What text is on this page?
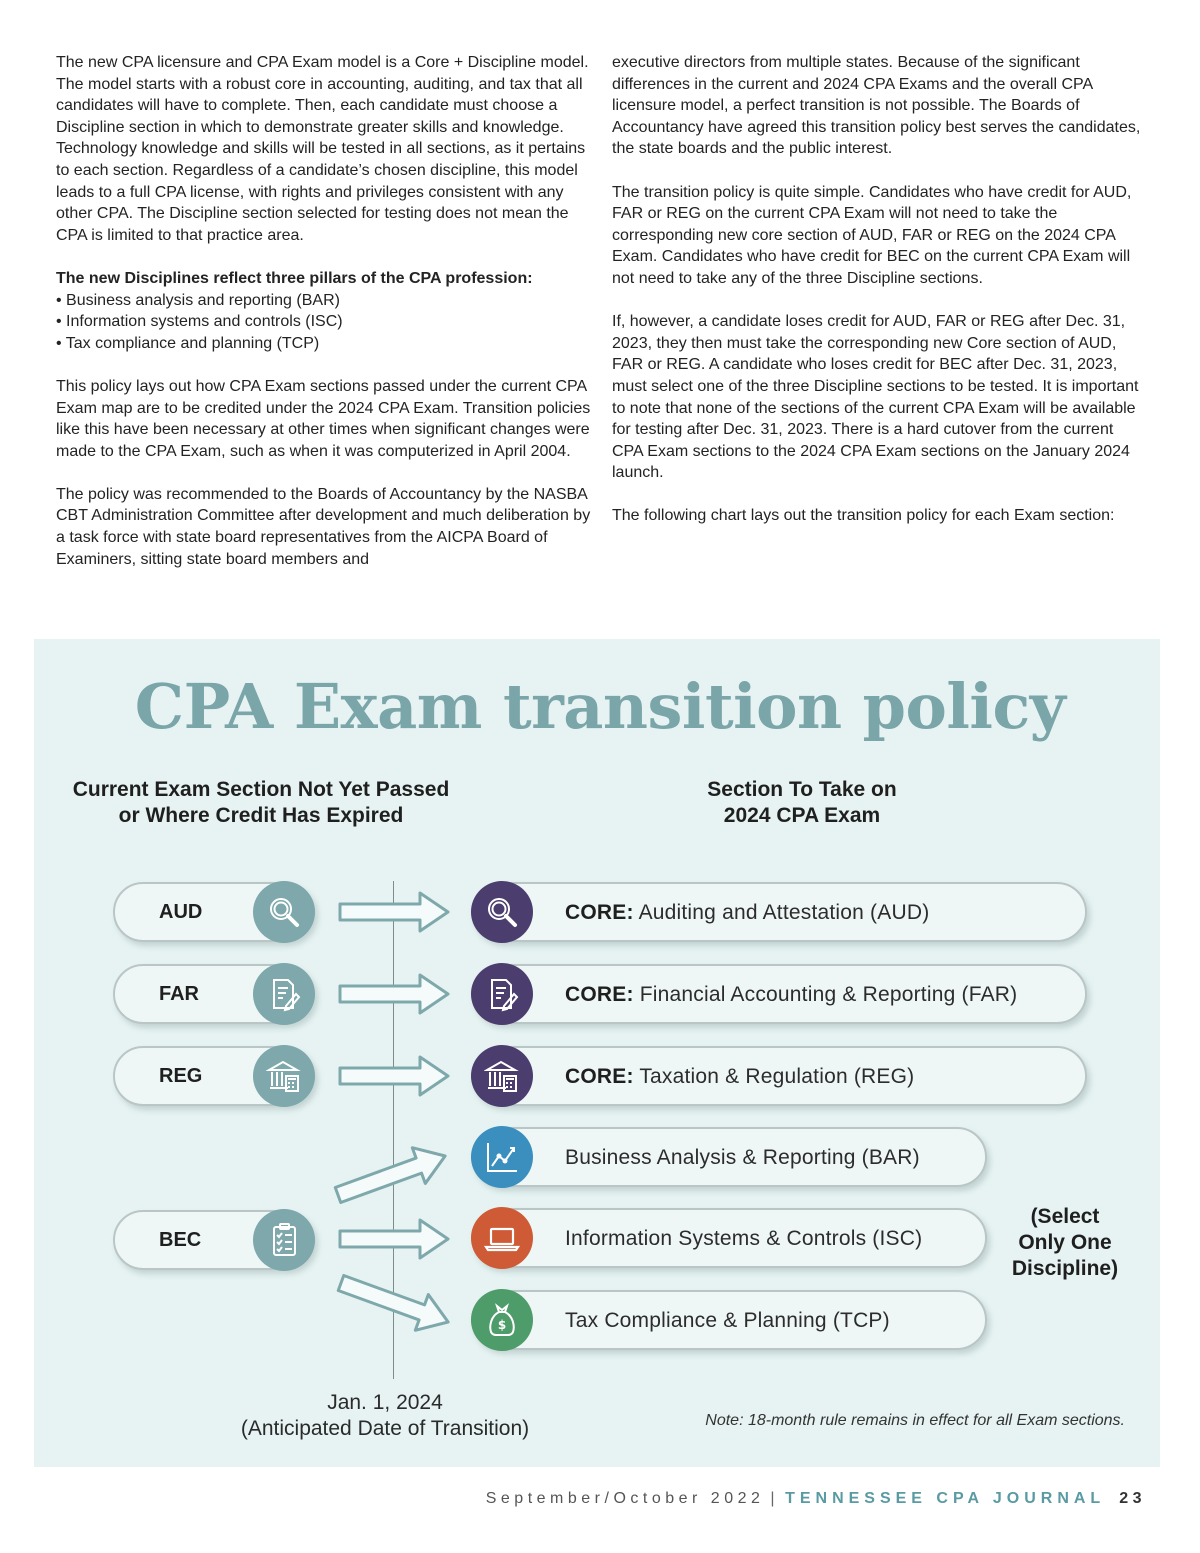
The new CPA licensure and CPA Exam model is a Core + Discipline model. The model starts with a robust core in accounting, auditing, and tax that all candidates will have to complete. Then, each candidate must choose a Discipline section in which to demonstrate greater skills and knowledge. Technology knowledge and skills will be tested in all sections, as it pertains to each section. Regardless of a candidate’s chosen discipline, this model leads to a full CPA license, with rights and privileges consistent with any other CPA. The Discipline section selected for testing does not mean the CPA is limited to that practice area.

The new Disciplines reflect three pillars of the CPA profession:
• Business analysis and reporting (BAR)
• Information systems and controls (ISC)
• Tax compliance and planning (TCP)

This policy lays out how CPA Exam sections passed under the current CPA Exam map are to be credited under the 2024 CPA Exam. Transition policies like this have been necessary at other times when significant changes were made to the CPA Exam, such as when it was computerized in April 2004.

The policy was recommended to the Boards of Accountancy by the NASBA CBT Administration Committee after development and much deliberation by a task force with state board representatives from the AICPA Board of Examiners, sitting state board members and

executive directors from multiple states. Because of the significant differences in the current and 2024 CPA Exams and the overall CPA licensure model, a perfect transition is not possible. The Boards of Accountancy have agreed this transition policy best serves the candidates, the state boards and the public interest.

The transition policy is quite simple. Candidates who have credit for AUD, FAR or REG on the current CPA Exam will not need to take the corresponding new core section of AUD, FAR or REG on the 2024 CPA Exam. Candidates who have credit for BEC on the current CPA Exam will not need to take any of the three Discipline sections.

If, however, a candidate loses credit for AUD, FAR or REG after Dec. 31, 2023, they then must take the corresponding new Core section of AUD, FAR or REG. A candidate who loses credit for BEC after Dec. 31, 2023, must select one of the three Discipline sections to be tested. It is important to note that none of the sections of the current CPA Exam will be available for testing after Dec. 31, 2023. There is a hard cutover from the current CPA Exam sections to the 2024 CPA Exam sections on the January 2024 launch.

The following chart lays out the transition policy for each Exam section:

CPA Exam transition policy
Current Exam Section Not Yet Passed
or Where Credit Has Expired
Section To Take on
2024 CPA Exam
AUD
FAR
REG
BEC
CORE: Auditing and Attestation (AUD)
CORE: Financial Accounting & Reporting (FAR)
CORE: Taxation & Regulation (REG)
Business Analysis & Reporting (BAR)
Information Systems & Controls (ISC)
$	Tax Compliance & Planning (TCP)
(Select
Only One
Discipline)
Jan. 1, 2024
(Anticipated Date of Transition)	Note: 18-month rule remains in effect for all Exam sections.
September/October 2022 | TENNESSEE CPA JOURNAL 23
